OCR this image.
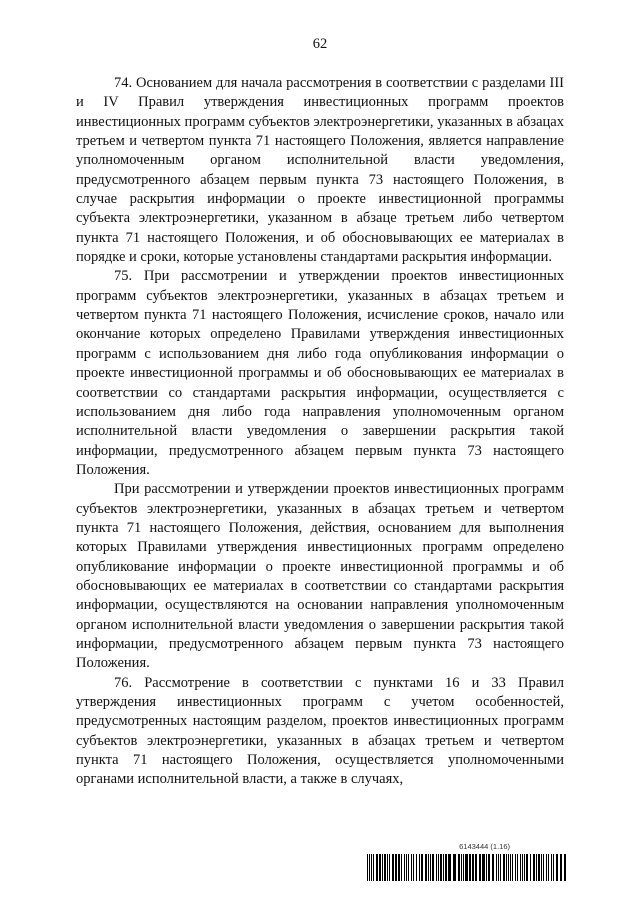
62

74. Основанием для начала рассмотрения в соответствии с разделами III и IV Правил утверждения инвестиционных программ проектов инвестиционных программ субъектов электроэнергетики, указанных в абзацах третьем и четвертом пункта 71 настоящего Положения, является направление уполномоченным органом исполнительной власти уведомления, предусмотренного абзацем первым пункта 73 настоящего Положения, в случае раскрытия информации о проекте инвестиционной программы субъекта электроэнергетики, указанном в абзаце третьем либо четвертом пункта 71 настоящего Положения, и об обосновывающих ее материалах в порядке и сроки, которые установлены стандартами раскрытия информации.

75. При рассмотрении и утверждении проектов инвестиционных программ субъектов электроэнергетики, указанных в абзацах третьем и четвертом пункта 71 настоящего Положения, исчисление сроков, начало или окончание которых определено Правилами утверждения инвестиционных программ с использованием дня либо года опубликования информации о проекте инвестиционной программы и об обосновывающих ее материалах в соответствии со стандартами раскрытия информации, осуществляется с использованием дня либо года направления уполномоченным органом исполнительной власти уведомления о завершении раскрытия такой информации, предусмотренного абзацем первым пункта 73 настоящего Положения.

При рассмотрении и утверждении проектов инвестиционных программ субъектов электроэнергетики, указанных в абзацах третьем и четвертом пункта 71 настоящего Положения, действия, основанием для выполнения которых Правилами утверждения инвестиционных программ определено опубликование информации о проекте инвестиционной программы и об обосновывающих ее материалах в соответствии со стандартами раскрытия информации, осуществляются на основании направления уполномоченным органом исполнительной власти уведомления о завершении раскрытия такой информации, предусмотренного абзацем первым пункта 73 настоящего Положения.

76. Рассмотрение в соответствии с пунктами 16 и 33 Правил утверждения инвестиционных программ с учетом особенностей, предусмотренных настоящим разделом, проектов инвестиционных программ субъектов электроэнергетики, указанных в абзацах третьем и четвертом пункта 71 настоящего Положения, осуществляется уполномоченными органами исполнительной власти, а также в случаях,

6143444 (1.16)
